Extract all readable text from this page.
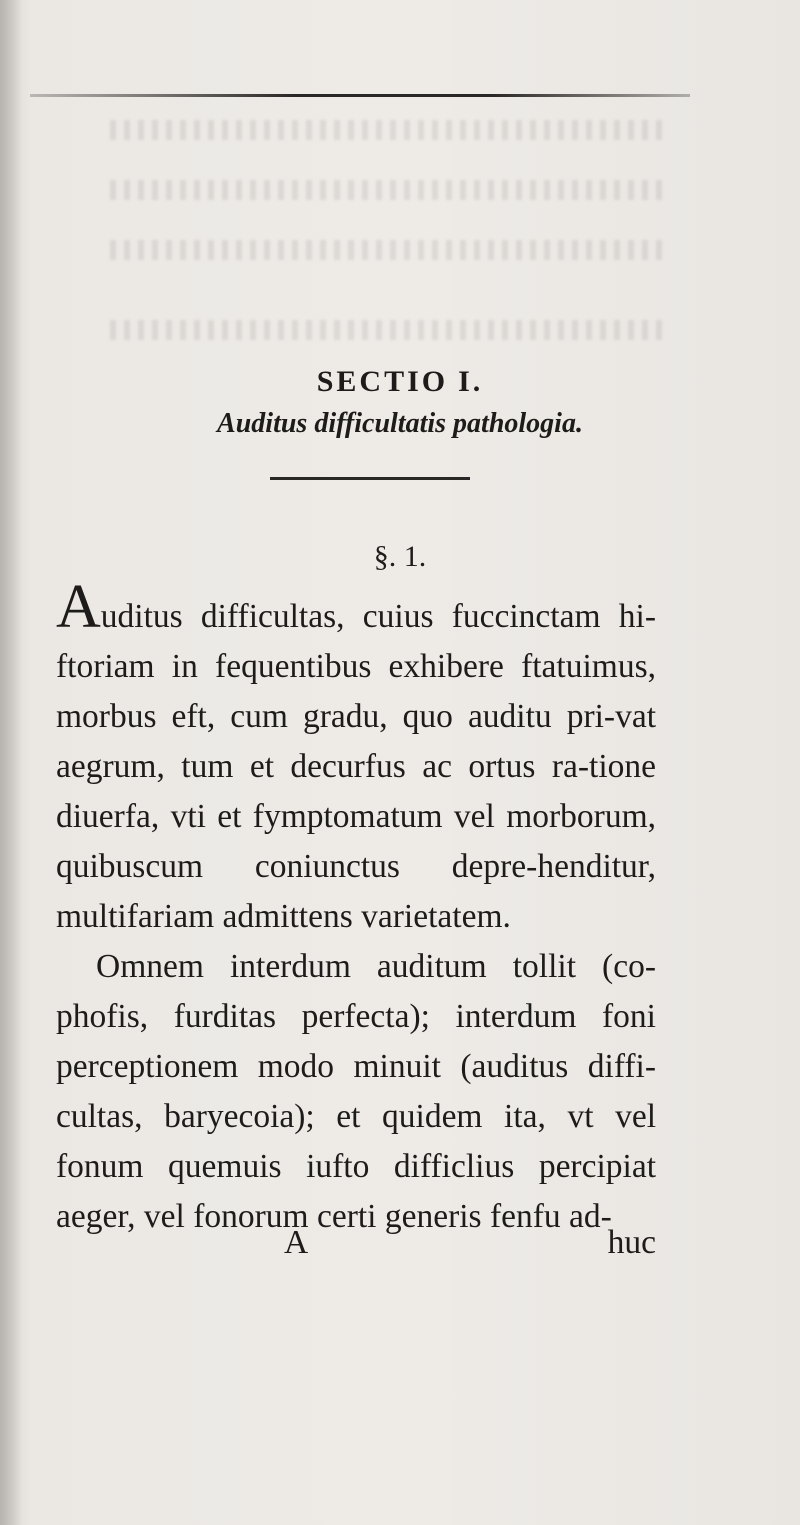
SECTIO I.
Auditus difficultatis pathologia.
§. 1.

Auditus difficultas, cuius fuccinctam hi-ftoriam in fequentibus exhibere ftatuimus, morbus eft, cum gradu, quo auditu pri-vat aegrum, tum et decurfus ac ortus ra-tione diuerfa, vti et fymptomatum vel morborum, quibuscum coniunctus depre-henditur, multifariam admittens varietatem.

Omnem interdum auditum tollit (co-phofis, furditas perfecta); interdum foni perceptionem modo minuit (auditus diffi-cultas, baryecoia); et quidem ita, vt vel fonum quemuis iufto difficlius percipiat aeger, vel fonorum certi generis fenfu ad-

A	huc
